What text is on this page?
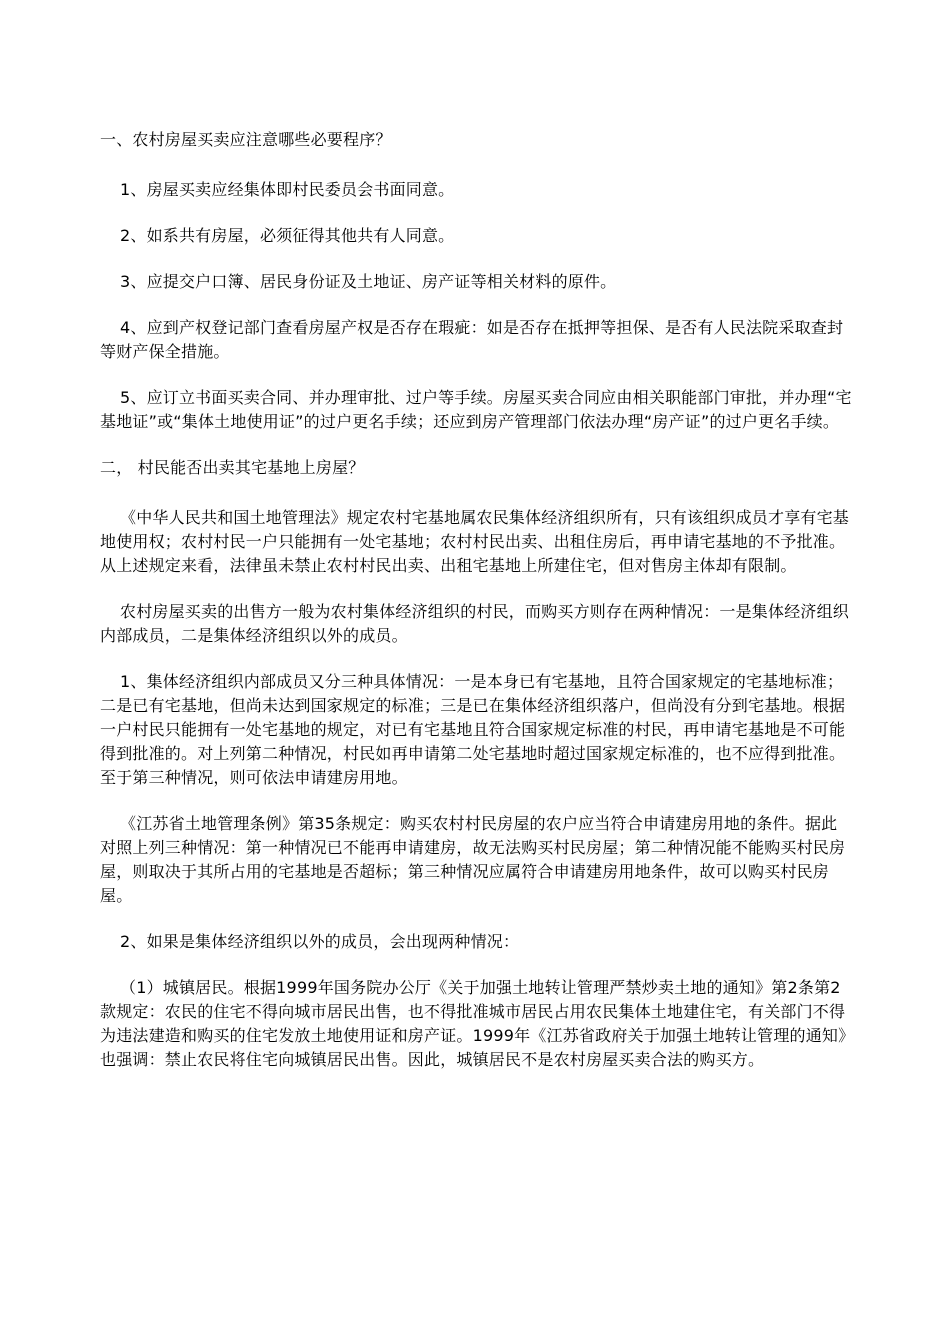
一、农村房屋买卖应注意哪些必要程序？

1、房屋买卖应经集体即村民委员会书面同意。

2、如系共有房屋，必须征得其他共有人同意。

3、应提交户口簿、居民身份证及土地证、房产证等相关材料的原件。

4、应到产权登记部门查看房屋产权是否存在瑕疵：如是否存在抵押等担保、是否有人民法院采取查封等财产保全措施。

5、应订立书面买卖合同、并办理审批、过户等手续。房屋买卖合同应由相关职能部门审批，并办理“宅基地证”或“集体土地使用证”的过户更名手续；还应到房产管理部门依法办理“房产证”的过户更名手续。

二， 村民能否出卖其宅基地上房屋？

《中华人民共和国土地管理法》规定农村宅基地属农民集体经济组织所有，只有该组织成员才享有宅基地使用权；农村村民一户只能拥有一处宅基地；农村村民出卖、出租住房后，再申请宅基地的不予批准。从上述规定来看，法律虽未禁止农村村民出卖、出租宅基地上所建住宅，但对售房主体却有限制。

农村房屋买卖的出售方一般为农村集体经济组织的村民，而购买方则存在两种情况：一是集体经济组织内部成员，二是集体经济组织以外的成员。

1、集体经济组织内部成员又分三种具体情况：一是本身已有宅基地，且符合国家规定的宅基地标准；二是已有宅基地，但尚未达到国家规定的标准；三是已在集体经济组织落户，但尚没有分到宅基地。根据一户村民只能拥有一处宅基地的规定，对已有宅基地且符合国家规定标准的村民，再申请宅基地是不可能得到批准的。对上列第二种情况，村民如再申请第二处宅基地时超过国家规定标准的，也不应得到批准。至于第三种情况，则可依法申请建房用地。

《江苏省土地管理条例》第35条规定：购买农村村民房屋的农户应当符合申请建房用地的条件。据此对照上列三种情况：第一种情况已不能再申请建房，故无法购买村民房屋；第二种情况能不能购买村民房屋，则取决于其所占用的宅基地是否超标；第三种情况应属符合申请建房用地条件，故可以购买村民房屋。

2、如果是集体经济组织以外的成员，会出现两种情况：

（1）城镇居民。根据1999年国务院办公厅《关于加强土地转让管理严禁炒卖土地的通知》第2条第2款规定：农民的住宅不得向城市居民出售，也不得批准城市居民占用农民集体土地建住宅，有关部门不得为违法建造和购买的住宅发放土地使用证和房产证。1999年《江苏省政府关于加强土地转让管理的通知》也强调：禁止农民将住宅向城镇居民出售。因此，城镇居民不是农村房屋买卖合法的购买方。
